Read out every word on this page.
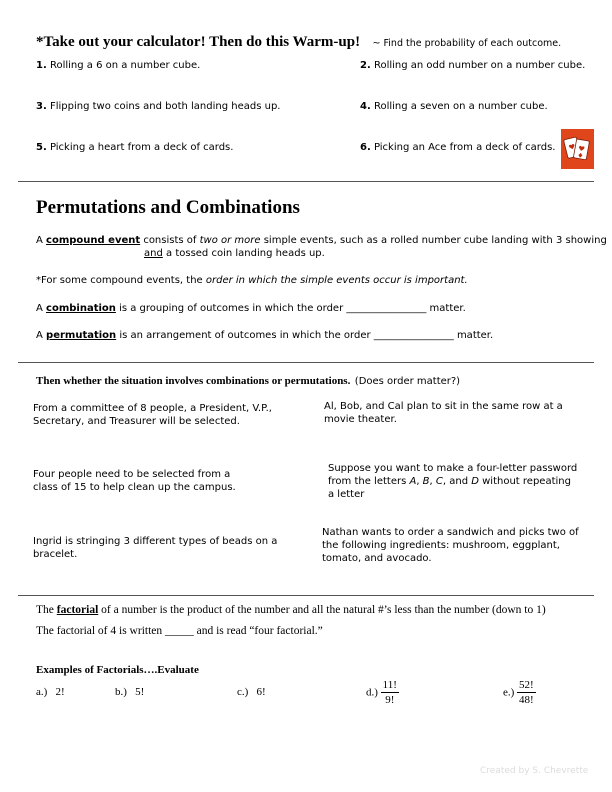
*Take out your calculator! Then do this Warm-up! ~ Find the probability of each outcome.
1. Rolling a 6 on a number cube.	2. Rolling an odd number on a number cube.
3. Flipping two coins and both landing heads up.	4. Rolling a seven on a number cube.
5. Picking a heart from a deck of cards.	6. Picking an Ace from a deck of cards.
Permutations and Combinations
A compound event consists of two or more simple events, such as a rolled number cube landing with 3 showing
and a tossed coin landing heads up.
*For some compound events, the order in which the simple events occur is important.
A combination is a grouping of outcomes in which the order ________________ matter.
A permutation is an arrangement of outcomes in which the order ________________ matter.
Then whether the situation involves combinations or permutations. (Does order matter?)
From a committee of 8 people, a President, V.P., Secretary, and Treasurer will be selected.
Al, Bob, and Cal plan to sit in the same row at a movie theater.
Four people need to be selected from a class of 15 to help clean up the campus.
Suppose you want to make a four-letter password from the letters A, B, C, and D without repeating a letter
Ingrid is stringing 3 different types of beads on a bracelet.
Nathan wants to order a sandwich and picks two of the following ingredients: mushroom, eggplant, tomato, and avocado.
The factorial of a number is the product of the number and all the natural #’s less than the number (down to 1)
The factorial of 4 is written _____ and is read “four factorial.”
Examples of Factorials….Evaluate
a.) 2!	b.) 5!	c.) 6!	$d.) \frac{11!}{9!}$	$e.) \frac{52!}{48!}$
Created by S. Chevrette
